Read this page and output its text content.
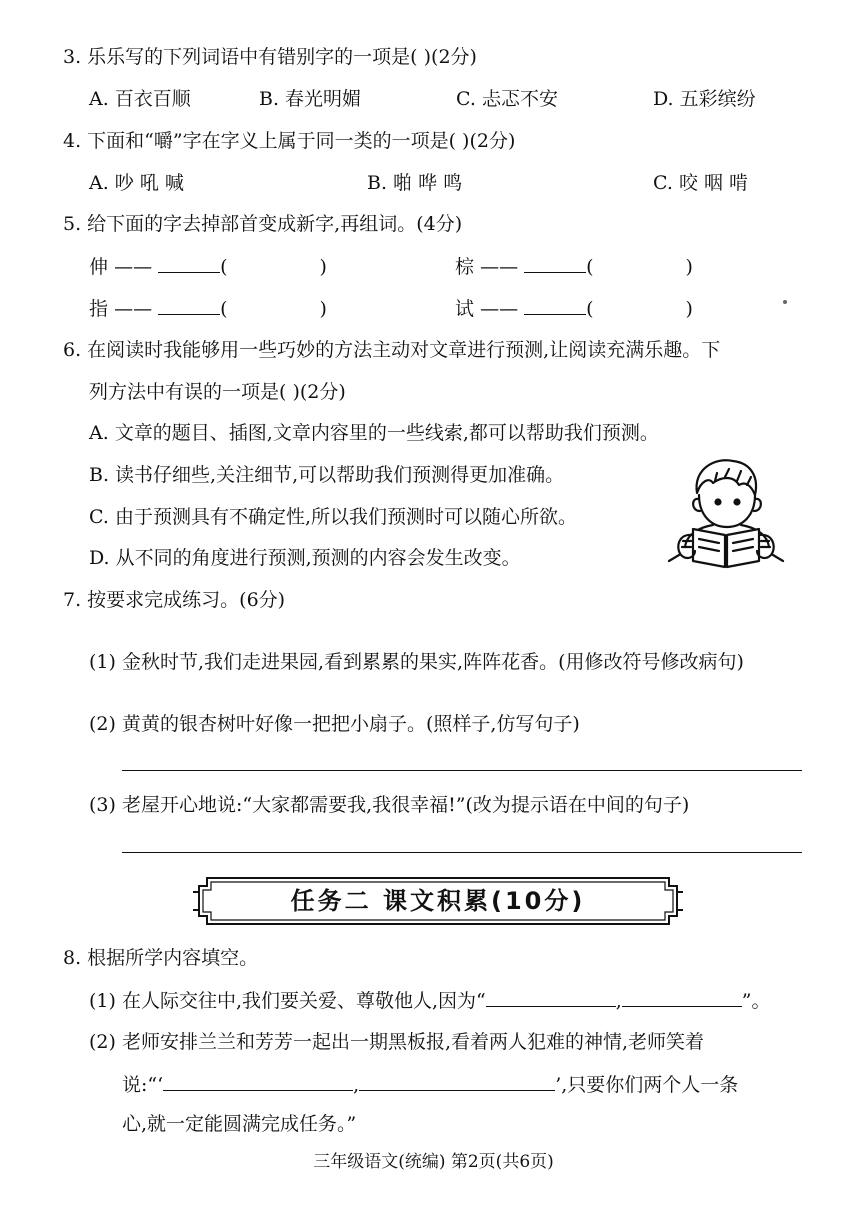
3. 乐乐写的下列词语中有错别字的一项是( )(2分)
A. 百衣百顺	B. 春光明媚	C. 忐忑不安	D. 五彩缤纷
4. 下面和“嚼”字在字义上属于同一类的一项是( )(2分)
A. 吵 吼 喊	B. 啪 哗 鸣	C. 咬 咽 啃
5. 给下面的字去掉部首变成新字,再组词。(4分)
伸 ——	(	)	棕 ——	(	)
指 ——	(	)	试 ——	(	)
6. 在阅读时我能够用一些巧妙的方法主动对文章进行预测,让阅读充满乐趣。下
列方法中有误的一项是( )(2分)
A. 文章的题目、插图,文章内容里的一些线索,都可以帮助我们预测。
B. 读书仔细些,关注细节,可以帮助我们预测得更加准确。
C. 由于预测具有不确定性,所以我们预测时可以随心所欲。
D. 从不同的角度进行预测,预测的内容会发生改变。
7. 按要求完成练习。(6分)
(1) 金秋时节,我们走进果园,看到累累的果实,阵阵花香。(用修改符号修改病句)
(2) 黄黄的银杏树叶好像一把把小扇子。(照样子,仿写句子)
(3) 老屋开心地说:“大家都需要我,我很幸福!”(改为提示语在中间的句子)
任务二 课文积累(10分)
8. 根据所学内容填空。
(1) 在人际交往中,我们要关爱、尊敬他人,因为“	,	”。
(2) 老师安排兰兰和芳芳一起出一期黑板报,看着两人犯难的神情,老师笑着
说:“‘	,	’,只要你们两个人一条
心,就一定能圆满完成任务。”
三年级语文(统编) 第2页(共6页)
